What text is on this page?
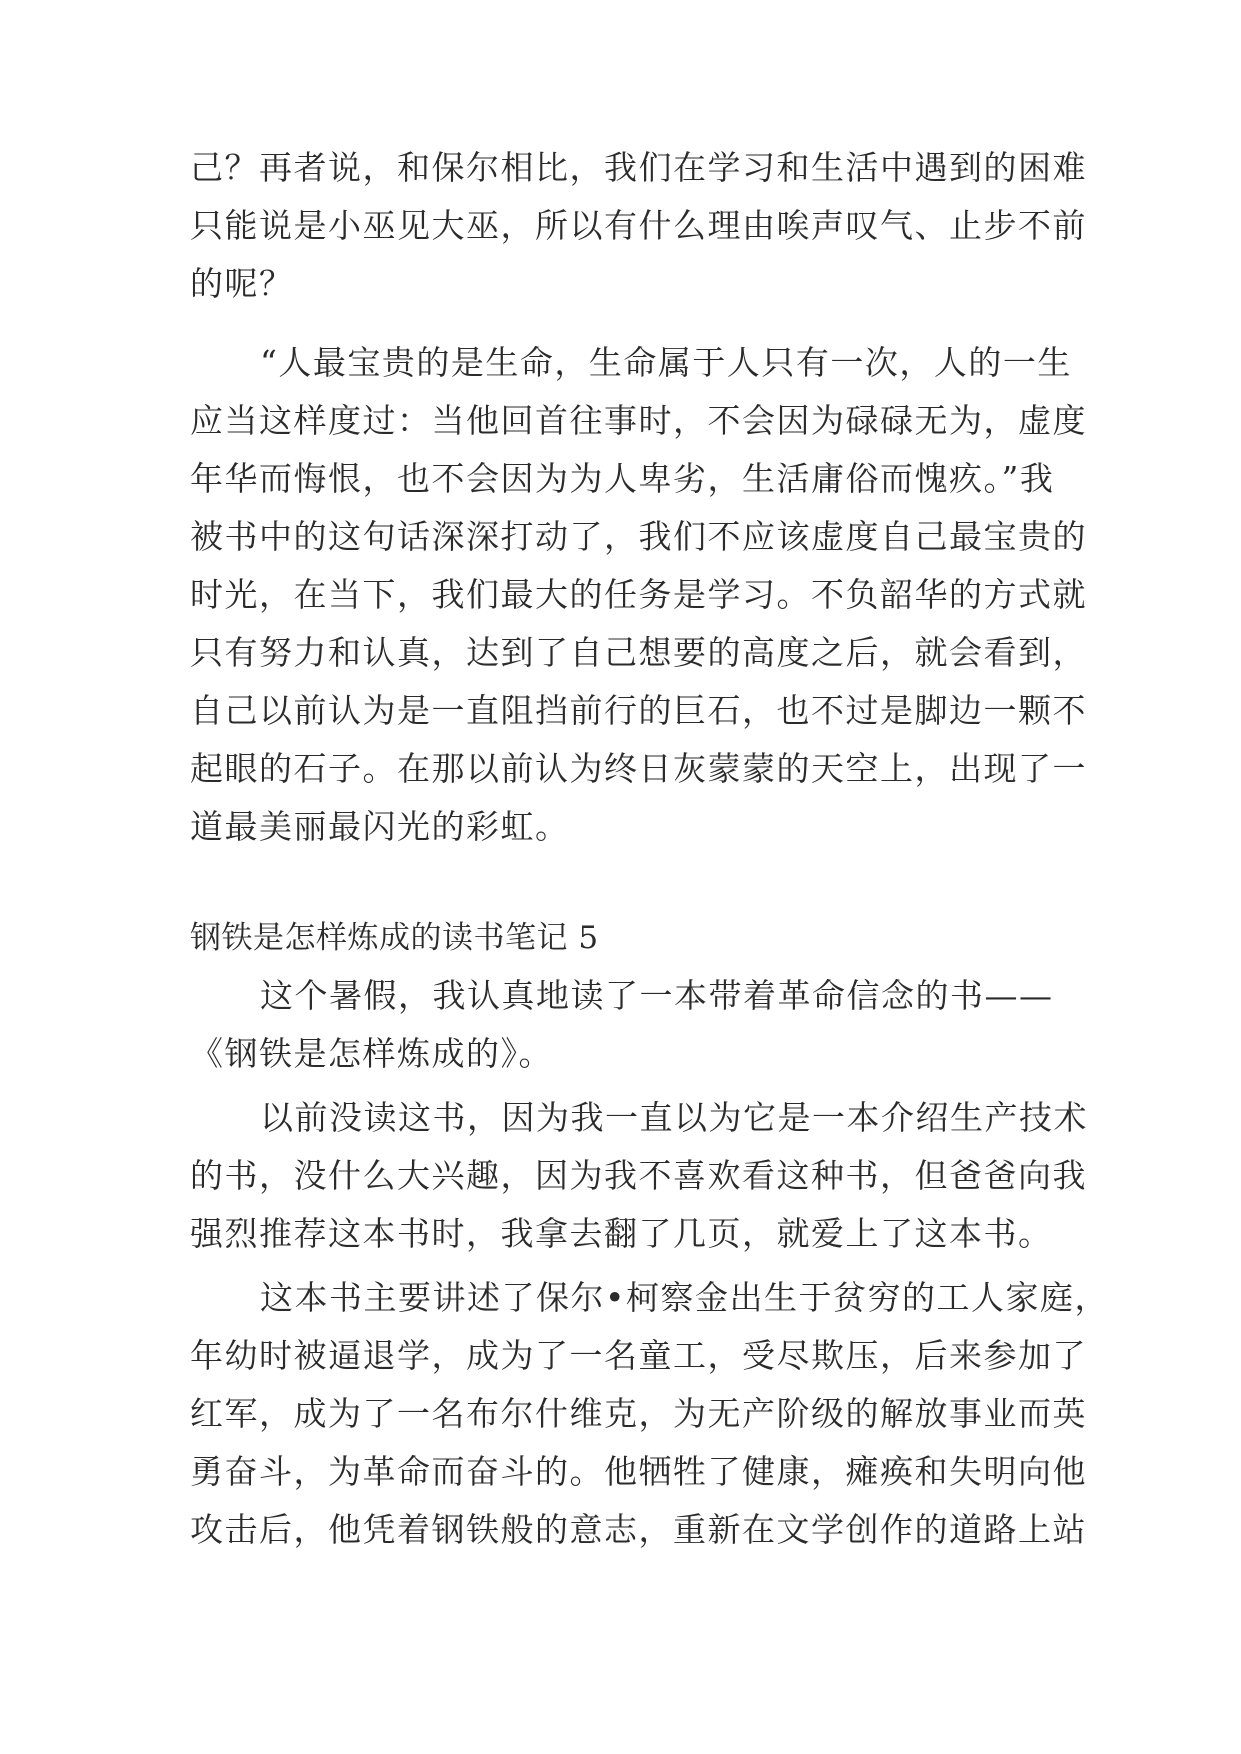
己？再者说，和保尔相比，我们在学习和生活中遇到的困难

只能说是小巫见大巫，所以有什么理由唉声叹气、止步不前

的呢？

“人最宝贵的是生命，生命属于人只有一次，人的一生

应当这样度过：当他回首往事时，不会因为碌碌无为，虚度

年华而悔恨，也不会因为为人卑劣，生活庸俗而愧疚。”我

被书中的这句话深深打动了，我们不应该虚度自己最宝贵的

时光，在当下，我们最大的任务是学习。不负韶华的方式就

只有努力和认真，达到了自己想要的高度之后，就会看到，

自己以前认为是一直阻挡前行的巨石，也不过是脚边一颗不

起眼的石子。在那以前认为终日灰蒙蒙的天空上，出现了一

道最美丽最闪光的彩虹。

钢铁是怎样炼成的读书笔记 5

这个暑假，我认真地读了一本带着革命信念的书——

《钢铁是怎样炼成的》。

以前没读这书，因为我一直以为它是一本介绍生产技术

的书，没什么大兴趣，因为我不喜欢看这种书，但爸爸向我

强烈推荐这本书时，我拿去翻了几页，就爱上了这本书。

这本书主要讲述了保尔•柯察金出生于贫穷的工人家庭，

年幼时被逼退学，成为了一名童工，受尽欺压，后来参加了

红军，成为了一名布尔什维克，为无产阶级的解放事业而英

勇奋斗，为革命而奋斗的。他牺牲了健康，瘫痪和失明向他

攻击后，他凭着钢铁般的意志，重新在文学创作的道路上站
